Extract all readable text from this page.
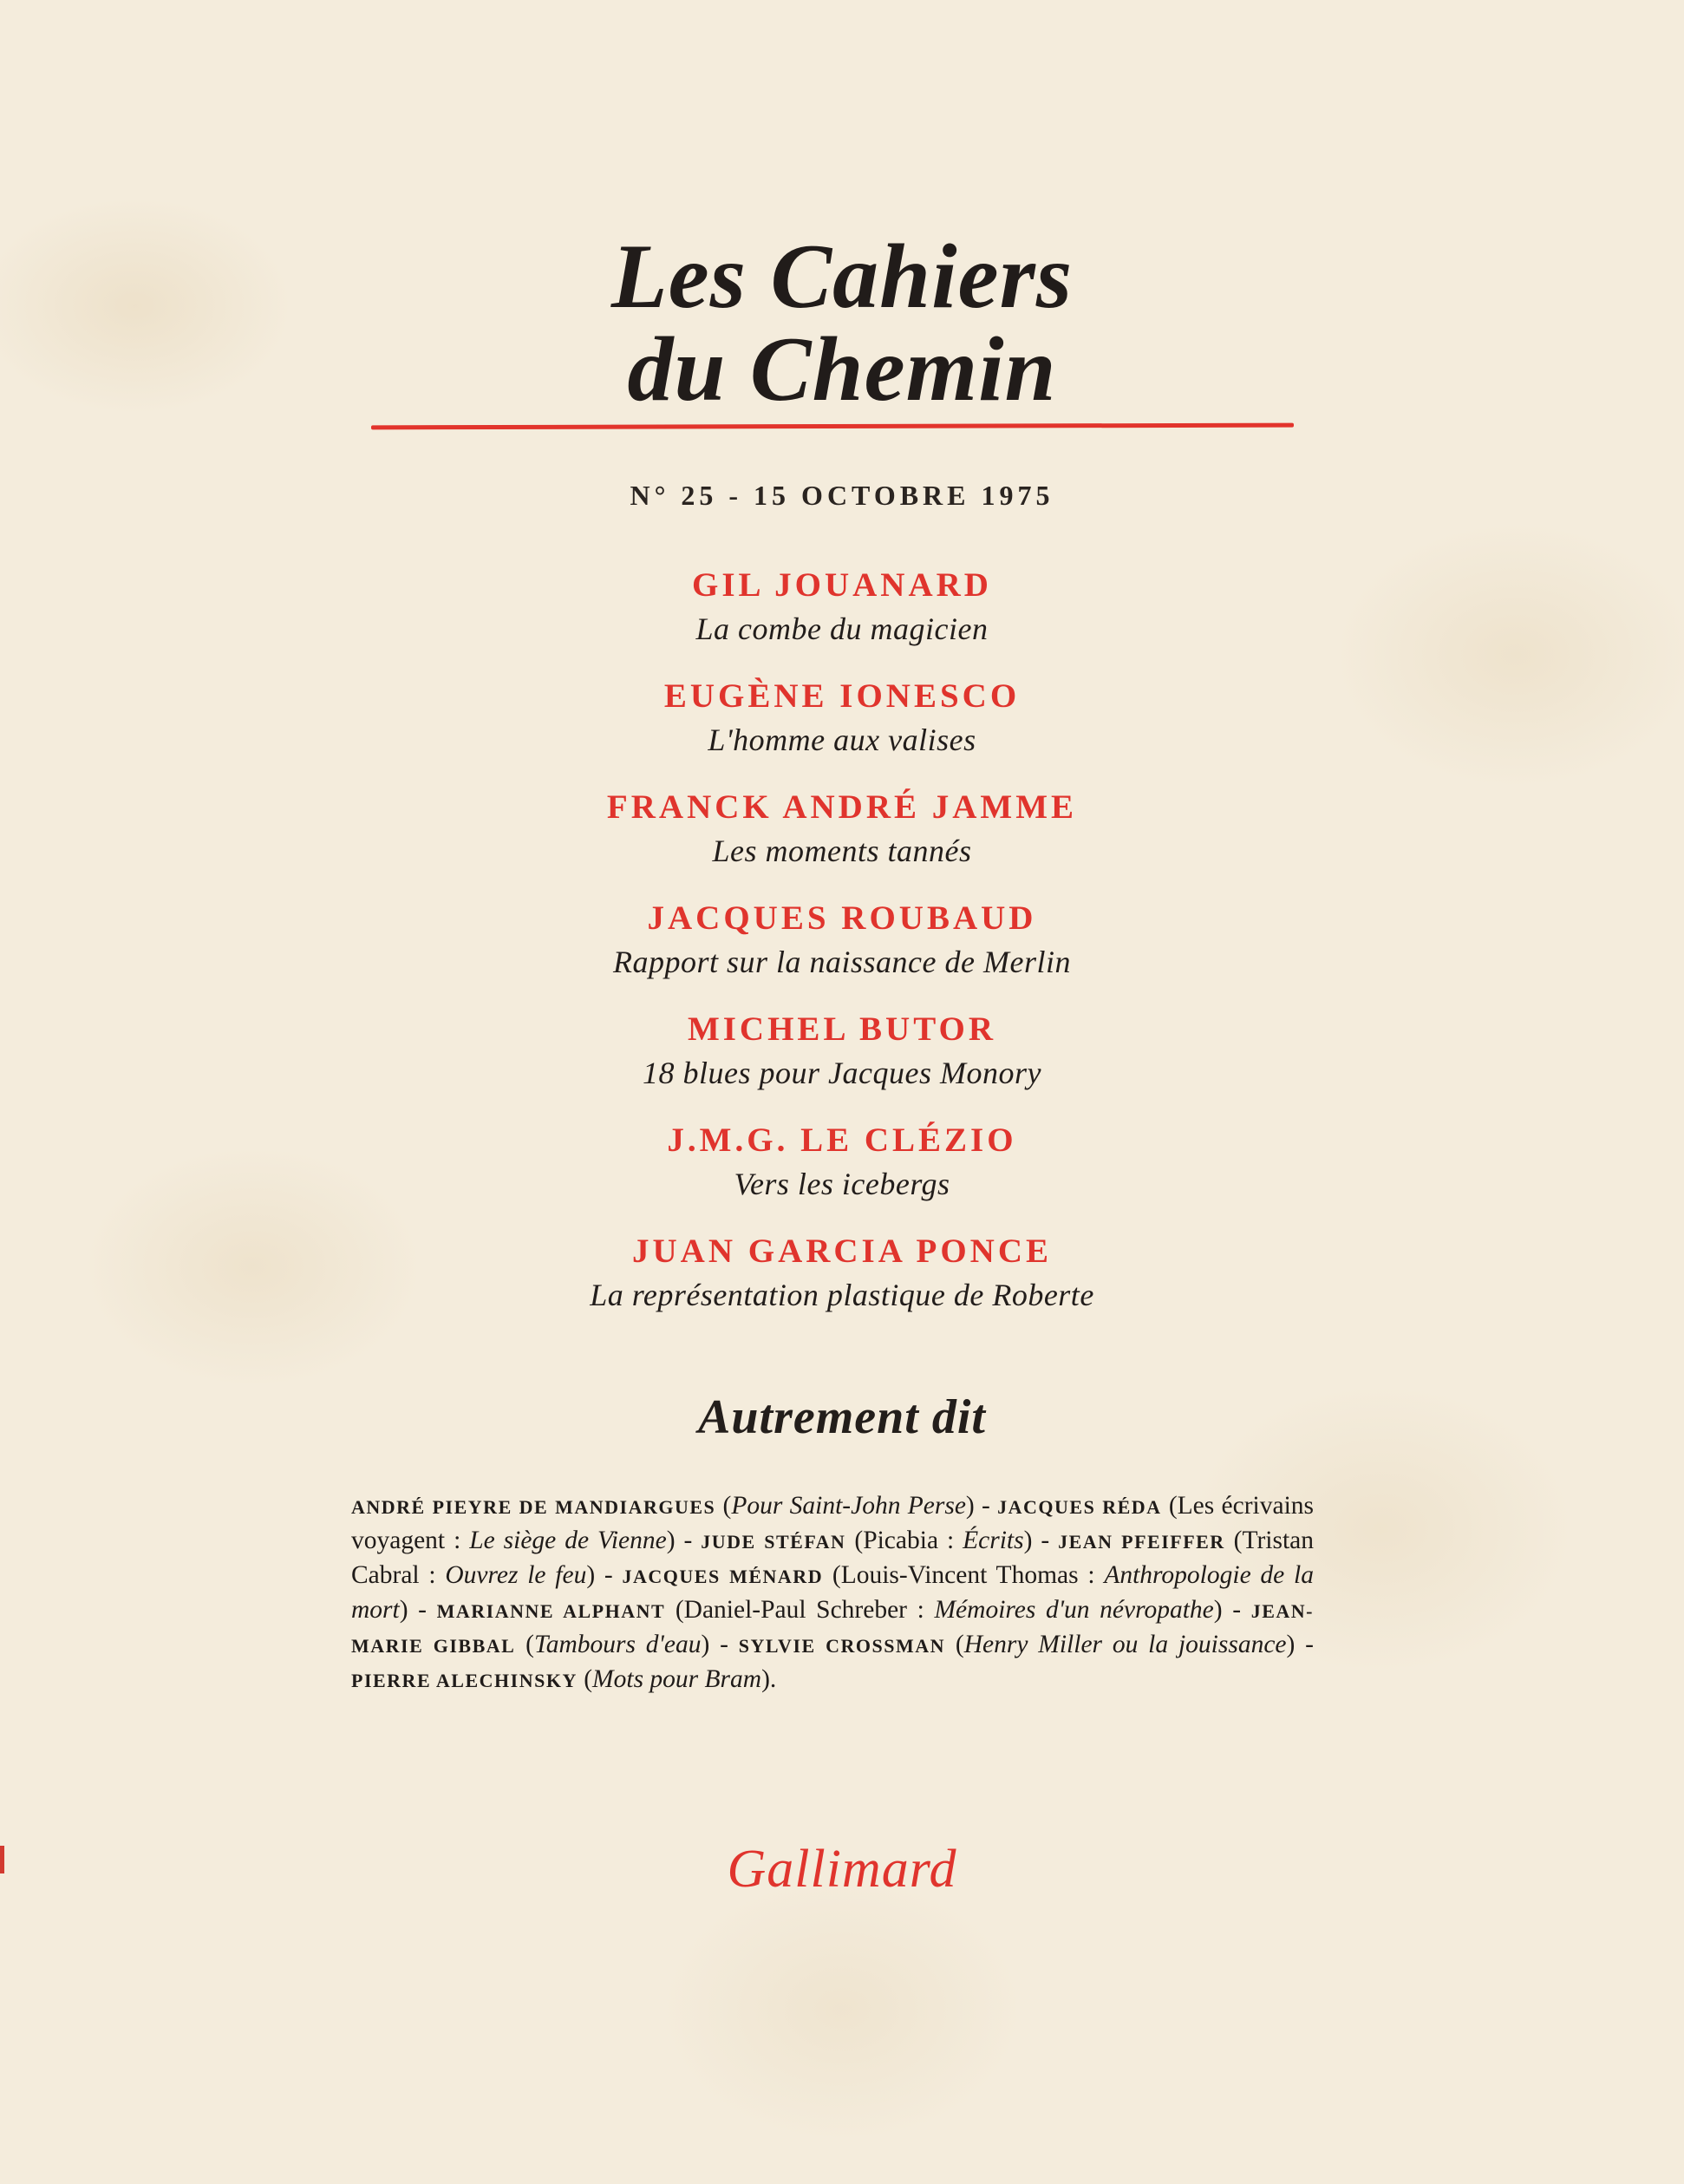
Les Cahiers
du Chemin
N° 25 - 15 OCTOBRE 1975
GIL JOUANARD
La combe du magicien
EUGÈNE IONESCO
L'homme aux valises
FRANCK ANDRÉ JAMME
Les moments tannés
JACQUES ROUBAUD
Rapport sur la naissance de Merlin
MICHEL BUTOR
18 blues pour Jacques Monory
J.M.G. LE CLÉZIO
Vers les icebergs
JUAN GARCIA PONCE
La représentation plastique de Roberte
Autrement dit
ANDRÉ PIEYRE DE MANDIARGUES (Pour Saint-John Perse) - JACQUES RÉDA (Les écrivains voyagent : Le siège de Vienne) - JUDE STÉFAN (Picabia : Écrits) - JEAN PFEIFFER (Tristan Cabral : Ouvrez le feu) - JACQUES MÉNARD (Louis-Vincent Thomas : Anthropologie de la mort) - MARIANNE ALPHANT (Daniel-Paul Schreber : Mémoires d'un névropathe) - JEAN-MARIE GIBBAL (Tambours d'eau) - SYLVIE CROSSMAN (Henry Miller ou la jouissance) - PIERRE ALECHINSKY (Mots pour Bram).
Gallimard
